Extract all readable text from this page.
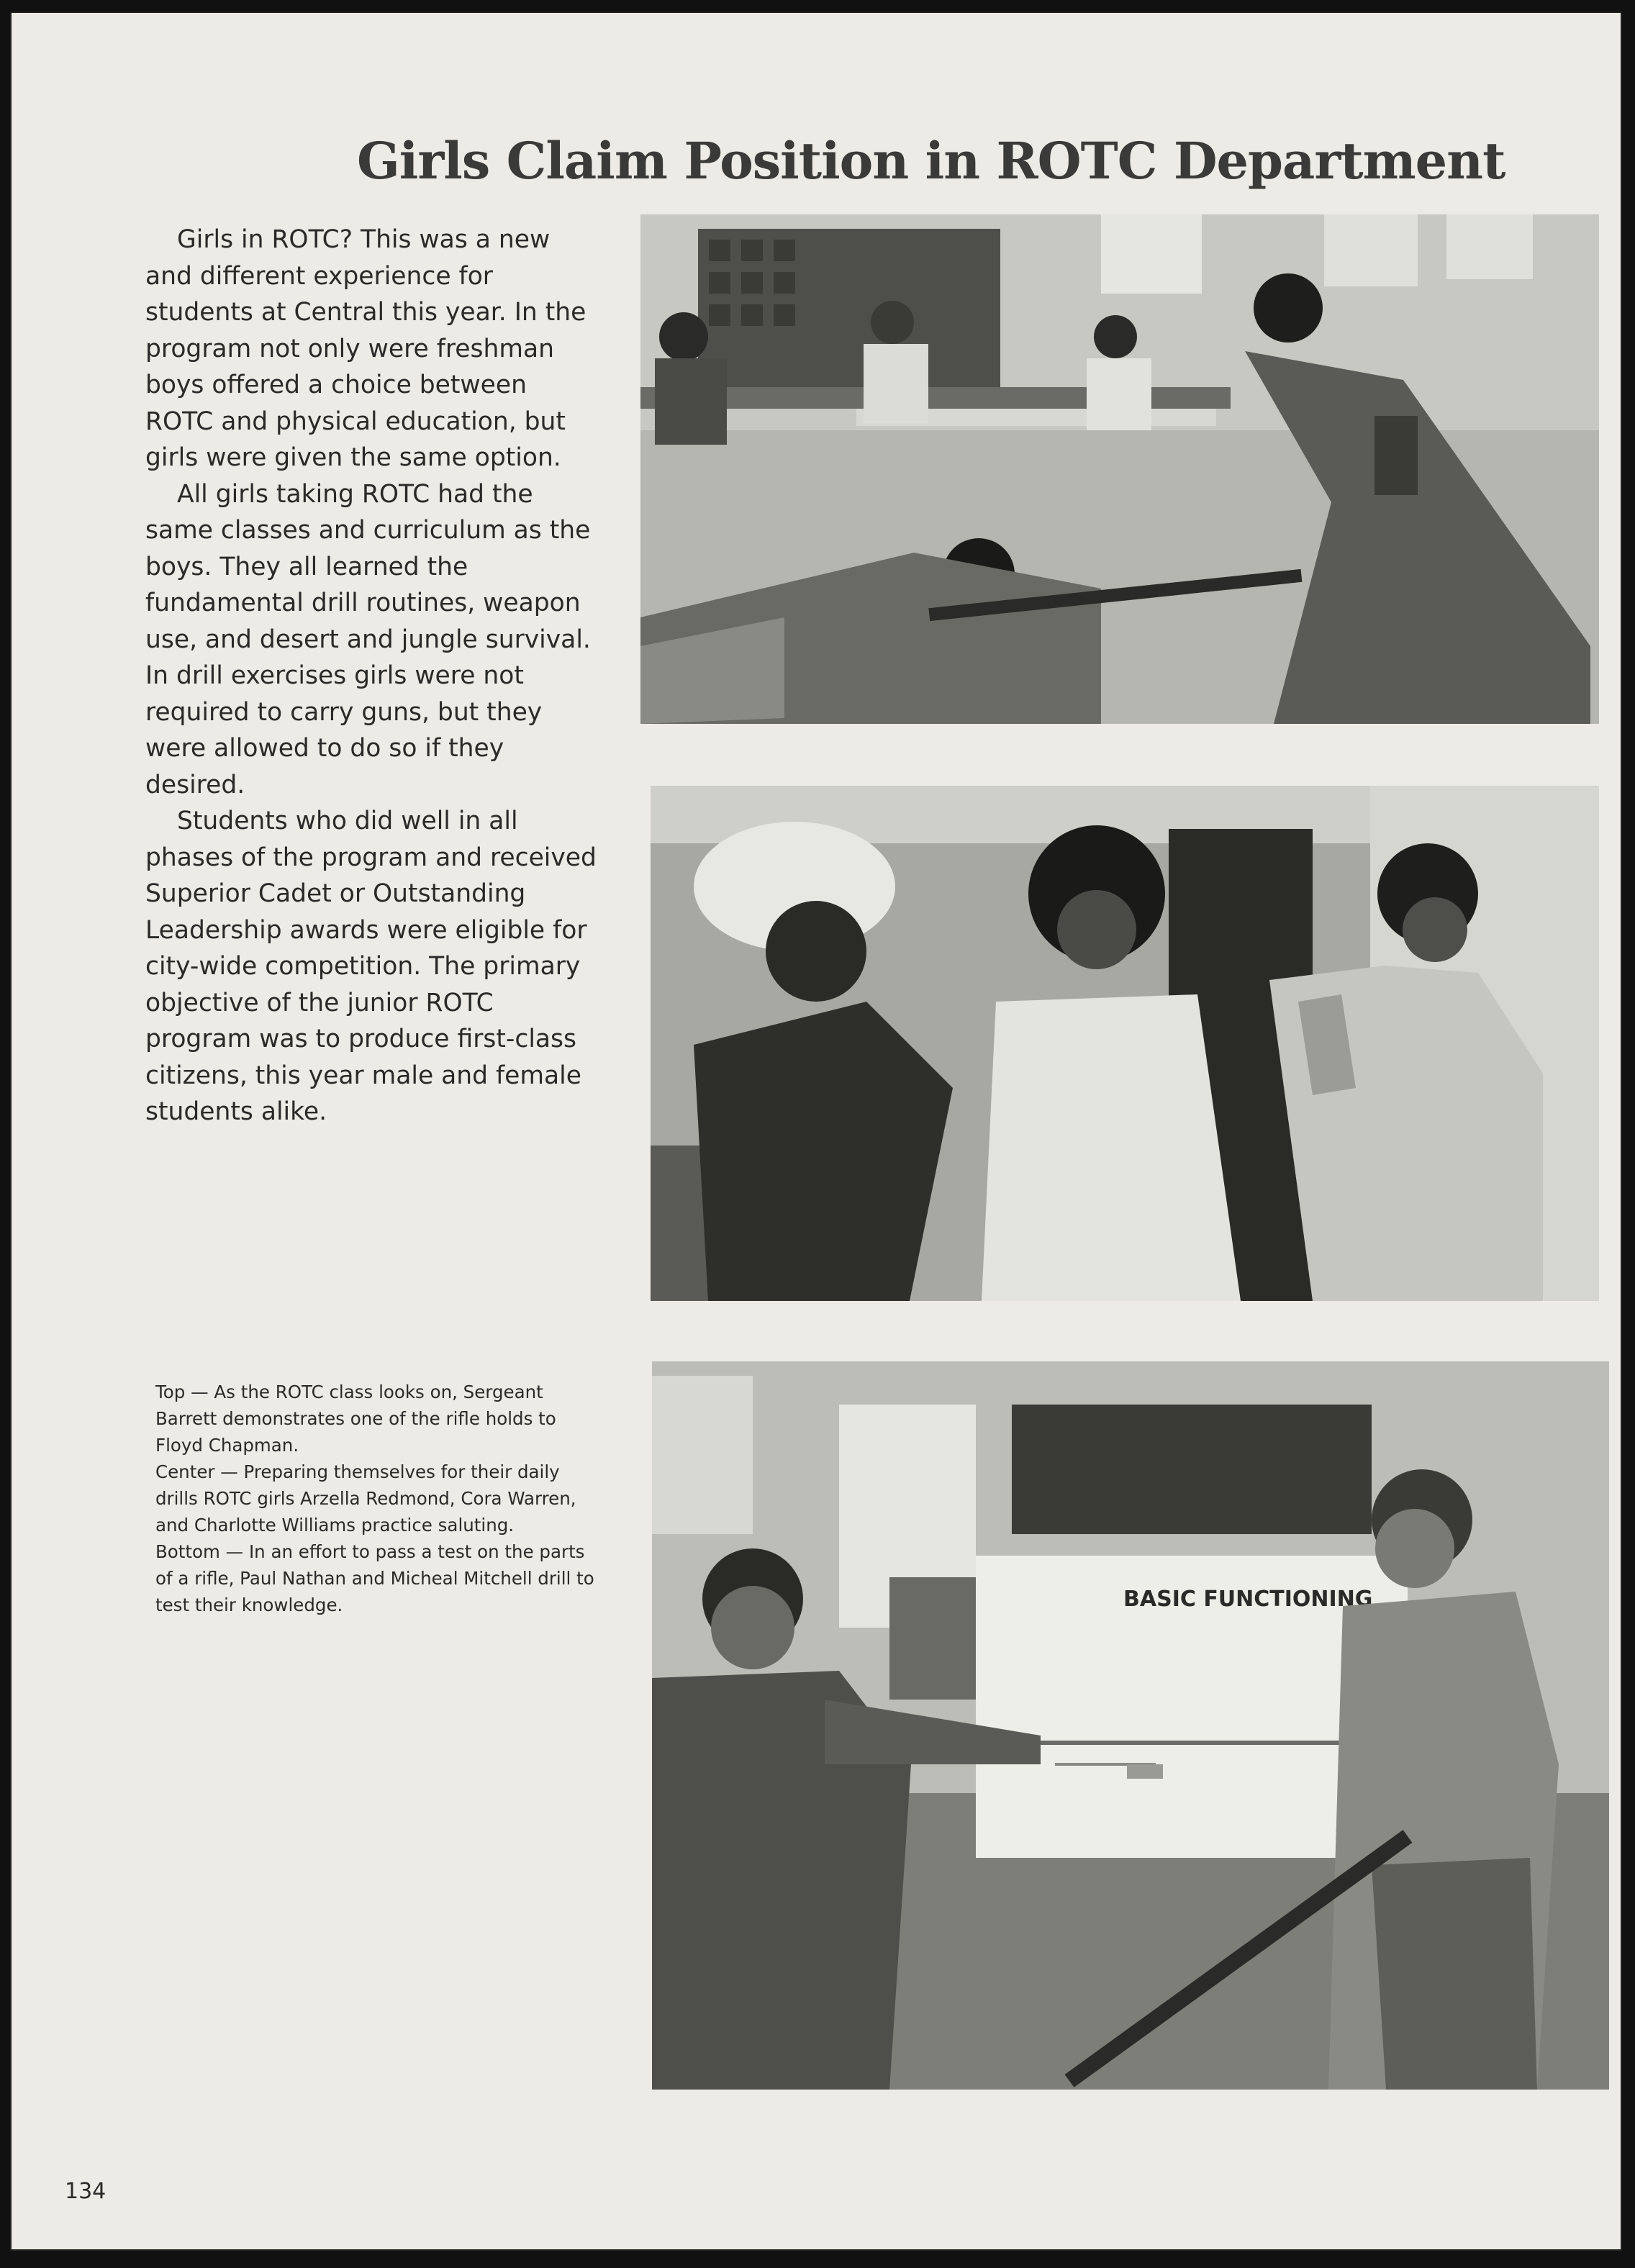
Girls Claim Position in ROTC Department

Girls in ROTC? This was a new and different experience for students at Central this year. In the program not only were freshman boys offered a choice between ROTC and physical education, but girls were given the same option.

All girls taking ROTC had the same classes and curriculum as the boys. They all learned the fundamental drill routines, weapon use, and desert and jungle survival. In drill exercises girls were not required to carry guns, but they were allowed to do so if they desired.

Students who did well in all phases of the program and received Superior Cadet or Outstanding Leadership awards were eligible for city-wide competition. The primary objective of the junior ROTC program was to produce first-class citizens, this year male and female students alike.

BASIC FUNCTIONING

Top — As the ROTC class looks on, Sergeant Barrett demonstrates one of the rifle holds to Floyd Chapman.

Center — Preparing themselves for their daily drills ROTC girls Arzella Redmond, Cora Warren, and Charlotte Williams practice saluting.

Bottom — In an effort to pass a test on the parts of a rifle, Paul Nathan and Micheal Mitchell drill to test their knowledge.

134
